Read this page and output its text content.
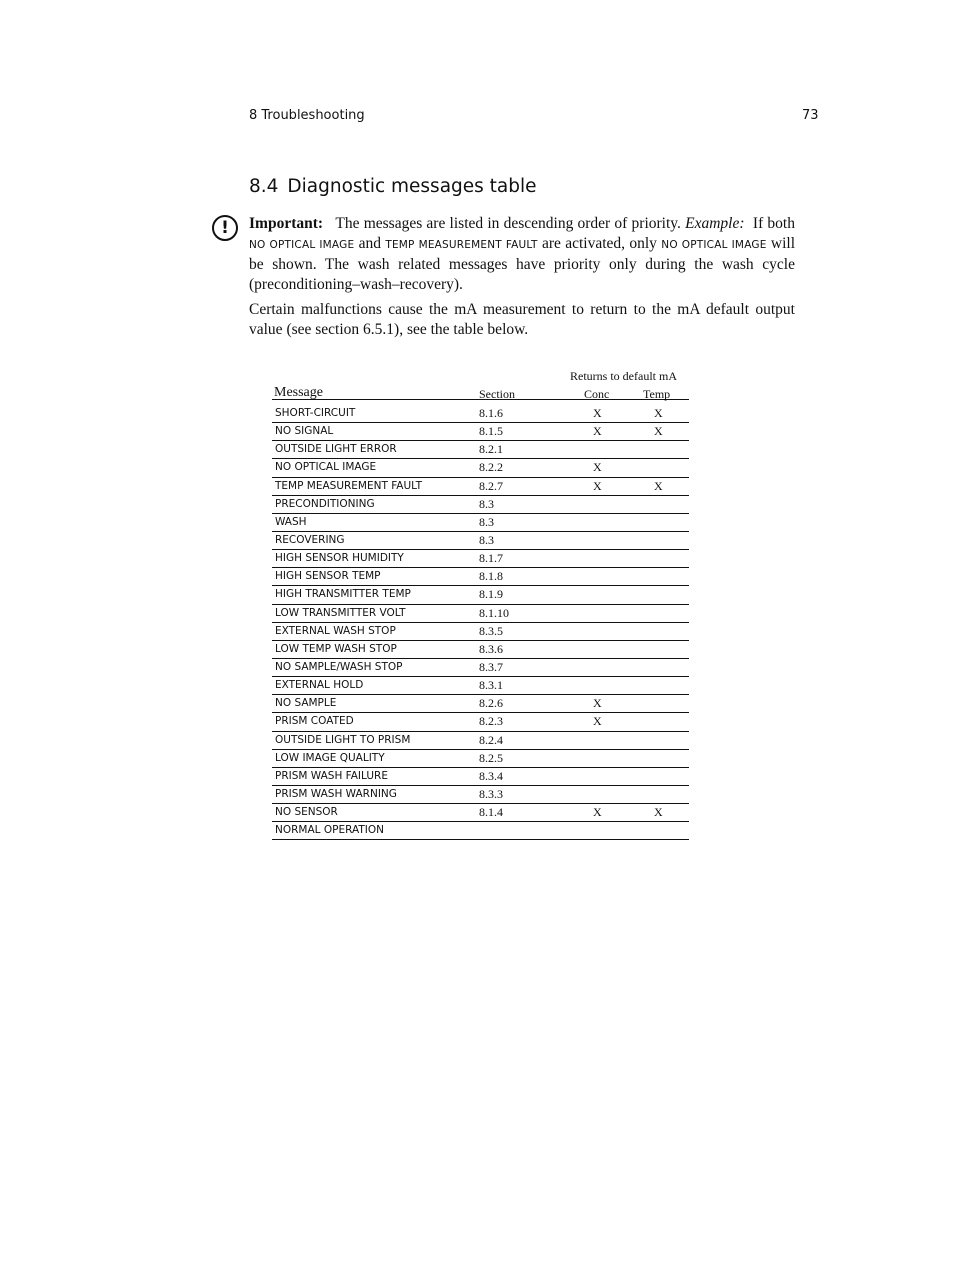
8 Troubleshooting	73
8.4 Diagnostic messages table
!	Important: The messages are listed in descending order of priority. Example: If both NO OPTICAL IMAGE and TEMP MEASUREMENT FAULT are activated, only NO OPTICAL IMAGE will be shown. The wash related messages have priority only during the wash cycle (preconditioning–wash–recovery).
Certain malfunctions cause the mA measurement to return to the mA default output value (see section 6.5.1), see the table below.
Returns to default mA
Message	Section	Conc	Temp
SHORT-CIRCUIT	8.1.6	X	X
NO SIGNAL	8.1.5	X	X
OUTSIDE LIGHT ERROR	8.2.1
NO OPTICAL IMAGE	8.2.2	X
TEMP MEASUREMENT FAULT	8.2.7	X	X
PRECONDITIONING	8.3
WASH	8.3
RECOVERING	8.3
HIGH SENSOR HUMIDITY	8.1.7
HIGH SENSOR TEMP	8.1.8
HIGH TRANSMITTER TEMP	8.1.9
LOW TRANSMITTER VOLT	8.1.10
EXTERNAL WASH STOP	8.3.5
LOW TEMP WASH STOP	8.3.6
NO SAMPLE/WASH STOP	8.3.7
EXTERNAL HOLD	8.3.1
NO SAMPLE	8.2.6	X
PRISM COATED	8.2.3	X
OUTSIDE LIGHT TO PRISM	8.2.4
LOW IMAGE QUALITY	8.2.5
PRISM WASH FAILURE	8.3.4
PRISM WASH WARNING	8.3.3
NO SENSOR	8.1.4	X	X
NORMAL OPERATION
